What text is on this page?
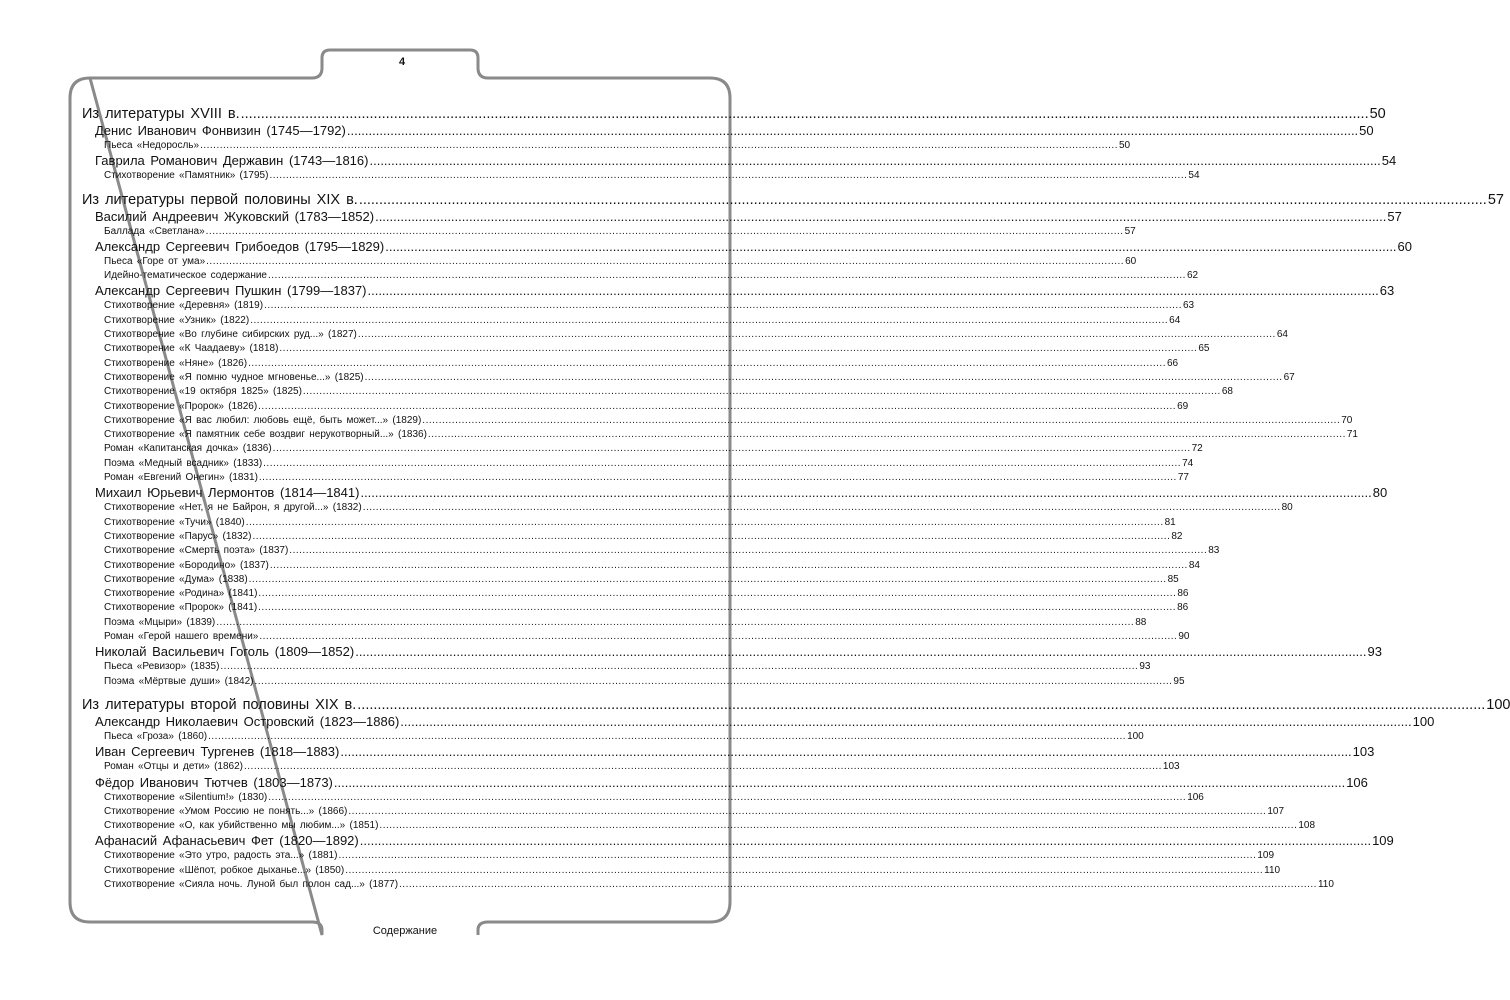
4
Из литературы XVIII в. .....	50
Денис Иванович Фонвизин (1745—1792) .....	50
Пьеса «Недоросль» .....	50
Гаврила Романович Державин (1743—1816) .....	54
Стихотворение «Памятник» (1795) .....	54
Из литературы первой половины XIX в. .....	57
Василий Андреевич Жуковский (1783—1852) .....	57
Баллада «Светлана» .....	57
Александр Сергеевич Грибоедов (1795—1829) .....	60
Пьеса «Горе от ума» .....	60
Идейно-тематическое содержание .....	62
Александр Сергеевич Пушкин (1799—1837) .....	63
Стихотворение «Деревня» (1819) .....	63
Стихотворение «Узник» (1822) .....	64
Стихотворение «Во глубине сибирских руд...» (1827) .....	64
Стихотворение «К Чаадаеву» (1818) .....	65
Стихотворение «Няне» (1826) .....	66
Стихотворение «Я помню чудное мгновенье...» (1825) .....	67
Стихотворение «19 октября 1825» (1825) .....	68
Стихотворение «Пророк» (1826) .....	69
Стихотворение «Я вас любил: любовь ещё, быть может...» (1829) .....	70
Стихотворение «Я памятник себе воздвиг нерукотворный...» (1836) .....	71
Роман «Капитанская дочка» (1836) .....	72
Поэма «Медный всадник» (1833) .....	74
Роман «Евгений Онегин» (1831) .....	77
Михаил Юрьевич Лермонтов (1814—1841) .....	80
Стихотворение «Нет, я не Байрон, я другой...» (1832) .....	80
Стихотворение «Тучи» (1840) .....	81
Стихотворение «Парус» (1832) .....	82
Стихотворение «Смерть поэта» (1837) .....	83
Стихотворение «Бородино» (1837) .....	84
Стихотворение «Дума» (1838) .....	85
Стихотворение «Родина» (1841) .....	86
Стихотворение «Пророк» (1841) .....	86
Поэма «Мцыри» (1839) .....	88
Роман «Герой нашего времени» .....	90
Николай Васильевич Гоголь (1809—1852) .....	93
Пьеса «Ревизор» (1835) .....	93
Поэма «Мёртвые души» (1842) .....	95
Из литературы второй половины XIX в. .....	100
Александр Николаевич Островский (1823—1886) .....	100
Пьеса «Гроза» (1860) .....	100
Иван Сергеевич Тургенев (1818—1883) .....	103
Роман «Отцы и дети» (1862) .....	103
Фёдор Иванович Тютчев (1803—1873) .....	106
Стихотворение «Silentium!» (1830) .....	106
Стихотворение «Умом Россию не понять...» (1866) .....	107
Стихотворение «О, как убийственно мы любим...» (1851) .....	108
Афанасий Афанасьевич Фет (1820—1892) .....	109
Стихотворение «Это утро, радость эта...» (1881) .....	109
Стихотворение «Шёпот, робкое дыханье...» (1850) .....	110
Стихотворение «Сияла ночь. Луной был полон сад...» (1877) .....	110
Содержание
